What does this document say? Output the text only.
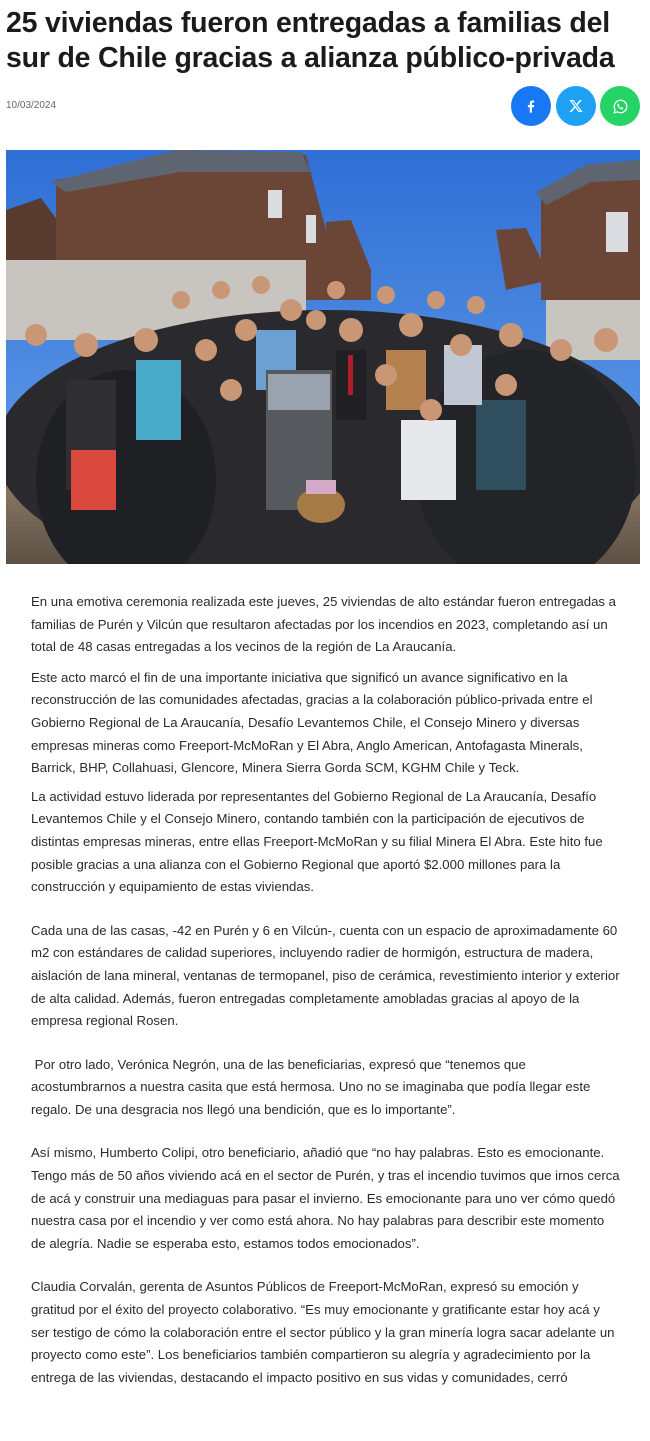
25 viviendas fueron entregadas a familias del sur de Chile gracias a alianza público-privada
10/03/2024

En una emotiva ceremonia realizada este jueves, 25 viviendas de alto estándar fueron entregadas a familias de Purén y Vilcún que resultaron afectadas por los incendios en 2023, completando así un total de 48 casas entregadas a los vecinos de la región de La Araucanía.

Este acto marcó el fin de una importante iniciativa que significó un avance significativo en la reconstrucción de las comunidades afectadas, gracias a la colaboración público-privada entre el Gobierno Regional de La Araucanía, Desafío Levantemos Chile, el Consejo Minero y diversas empresas mineras como Freeport-McMoRan y El Abra, Anglo American, Antofagasta Minerals, Barrick, BHP, Collahuasi, Glencore, Minera Sierra Gorda SCM, KGHM Chile y Teck.

La actividad estuvo liderada por representantes del Gobierno Regional de La Araucanía, Desafío Levantemos Chile y el Consejo Minero, contando también con la participación de ejecutivos de distintas empresas mineras, entre ellas Freeport-McMoRan y su filial Minera El Abra. Este hito fue posible gracias a una alianza con el Gobierno Regional que aportó $2.000 millones para la construcción y equipamiento de estas viviendas.

Cada una de las casas, -42 en Purén y 6 en Vilcún-, cuenta con un espacio de aproximadamente 60 m2 con estándares de calidad superiores, incluyendo radier de hormigón, estructura de madera, aislación de lana mineral, ventanas de termopanel, piso de cerámica, revestimiento interior y exterior de alta calidad. Además, fueron entregadas completamente amobladas gracias al apoyo de la empresa regional Rosen.

Por otro lado, Verónica Negrón, una de las beneficiarias, expresó que “tenemos que acostumbrarnos a nuestra casita que está hermosa. Uno no se imaginaba que podía llegar este regalo. De una desgracia nos llegó una bendición, que es lo importante”.

Así mismo, Humberto Colipi, otro beneficiario, añadió que “no hay palabras. Esto es emocionante. Tengo más de 50 años viviendo acá en el sector de Purén, y tras el incendio tuvimos que irnos cerca de acá y construir una mediaguas para pasar el invierno. Es emocionante para uno ver cómo quedó nuestra casa por el incendio y ver como está ahora. No hay palabras para describir este momento de alegría. Nadie se esperaba esto, estamos todos emocionados”.

Claudia Corvalán, gerenta de Asuntos Públicos de Freeport-McMoRan, expresó su emoción y gratitud por el éxito del proyecto colaborativo. “Es muy emocionante y gratificante estar hoy acá y ser testigo de cómo la colaboración entre el sector público y la gran minería logra sacar adelante un proyecto como este”. Los beneficiarios también compartieron su alegría y agradecimiento por la entrega de las viviendas, destacando el impacto positivo en sus vidas y comunidades, cerró
